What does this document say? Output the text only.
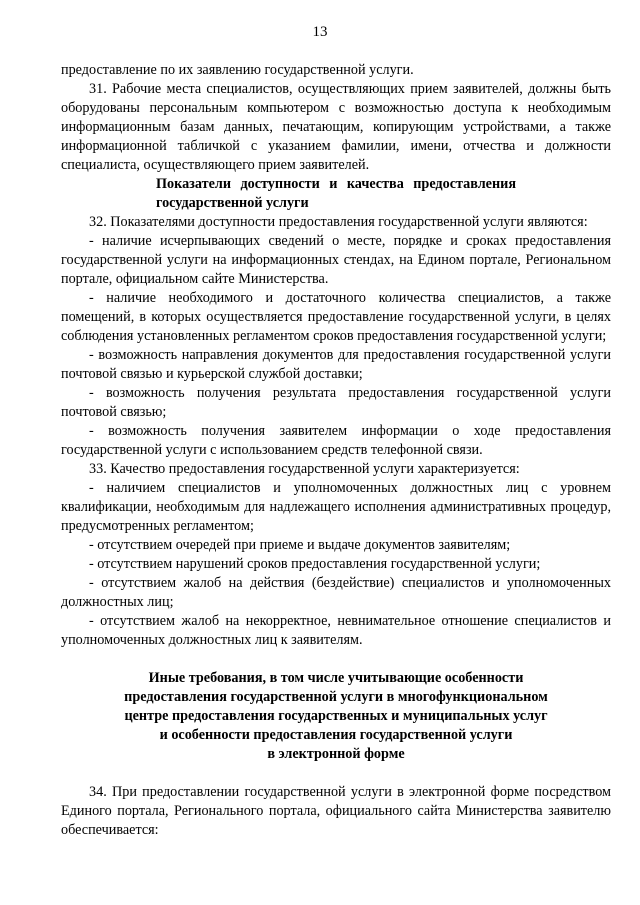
13

предоставление по их заявлению государственной услуги.

31. Рабочие места специалистов, осуществляющих прием заявителей, должны быть оборудованы персональным компьютером с возможностью доступа к необходимым информационным базам данных, печатающим, копирующим устройствами, а также информационной табличкой с указанием фамилии, имени, отчества и должности специалиста, осуществляющего прием заявителей.

Показатели доступности и качества предоставления государственной услуги

32. Показателями доступности предоставления государственной услуги являются:

- наличие исчерпывающих сведений о месте, порядке и сроках предоставления государственной услуги на информационных стендах, на Едином портале, Региональном портале, официальном сайте Министерства.

- наличие необходимого и достаточного количества специалистов, а также помещений, в которых осуществляется предоставление государственной услуги, в целях соблюдения установленных регламентом сроков предоставления государственной услуги;

- возможность направления документов для предоставления государственной услуги почтовой связью и курьерской службой доставки;

- возможность получения результата предоставления государственной услуги почтовой связью;

- возможность получения заявителем информации о ходе предоставления государственной услуги с использованием средств телефонной связи.

33. Качество предоставления государственной услуги характеризуется:

- наличием специалистов и уполномоченных должностных лиц с уровнем квалификации, необходимым для надлежащего исполнения административных процедур, предусмотренных регламентом;

- отсутствием очередей при приеме и выдаче документов заявителям;

- отсутствием нарушений сроков предоставления государственной услуги;

- отсутствием жалоб на действия (бездействие) специалистов и уполномоченных должностных лиц;

- отсутствием жалоб на некорректное, невнимательное отношение специалистов и уполномоченных должностных лиц к заявителям.

Иные требования, в том числе учитывающие особенности
предоставления государственной услуги в многофункциональном
центре предоставления государственных и муниципальных услуг
и особенности предоставления государственной услуги
в электронной форме

34. При предоставлении государственной услуги в электронной форме посредством Единого портала, Регионального портала, официального сайта Министерства заявителю обеспечивается:
